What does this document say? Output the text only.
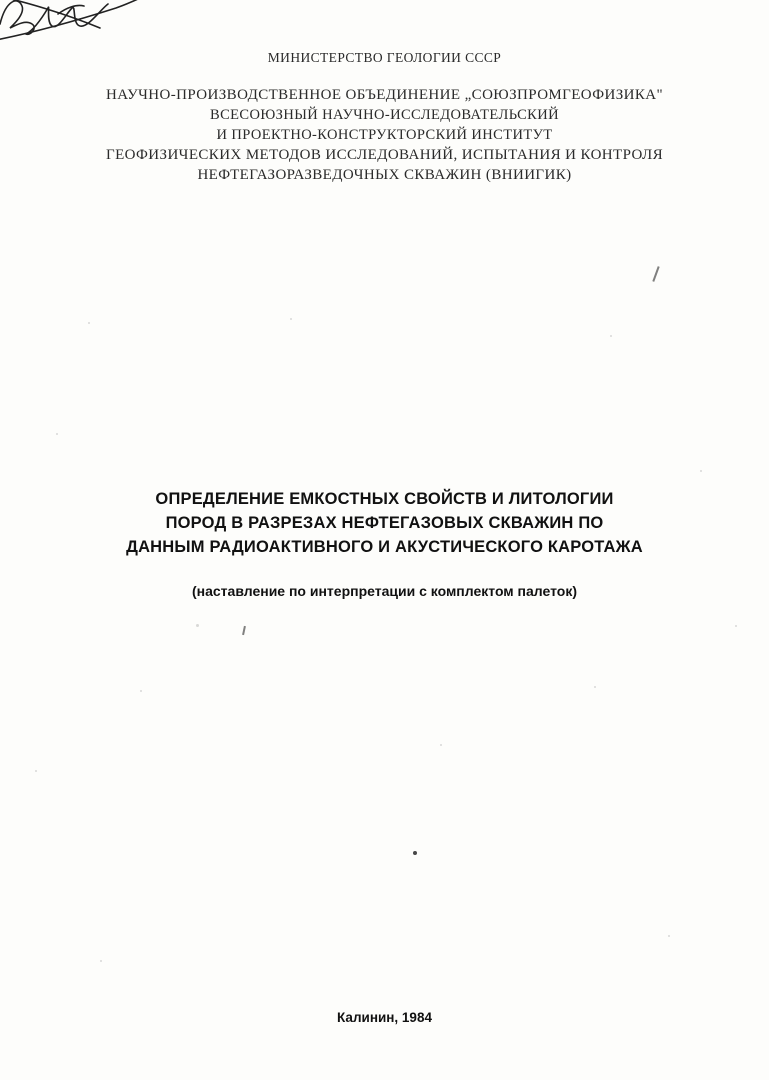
МИНИСТЕРСТВО ГЕОЛОГИИ СССР
НАУЧНО-ПРОИЗВОДСТВЕННОЕ ОБЪЕДИНЕНИЕ „СОЮЗПРОМГЕОФИЗИКА"
ВСЕСОЮЗНЫЙ НАУЧНО-ИССЛЕДОВАТЕЛЬСКИЙ
И ПРОЕКТНО-КОНСТРУКТОРСКИЙ ИНСТИТУТ
ГЕОФИЗИЧЕСКИХ МЕТОДОВ ИССЛЕДОВАНИЙ, ИСПЫТАНИЯ И КОНТРОЛЯ
НЕФТЕГАЗОРАЗВЕДОЧНЫХ СКВАЖИН (ВНИИГИК)
ОПРЕДЕЛЕНИЕ ЕМКОСТНЫХ СВОЙСТВ И ЛИТОЛОГИИ
ПОРОД В РАЗРЕЗАХ НЕФТЕГАЗОВЫХ СКВАЖИН ПО
ДАННЫМ РАДИОАКТИВНОГО И АКУСТИЧЕСКОГО КАРОТАЖА
(наставление по интерпретации с комплектом палеток)
Калинин, 1984
